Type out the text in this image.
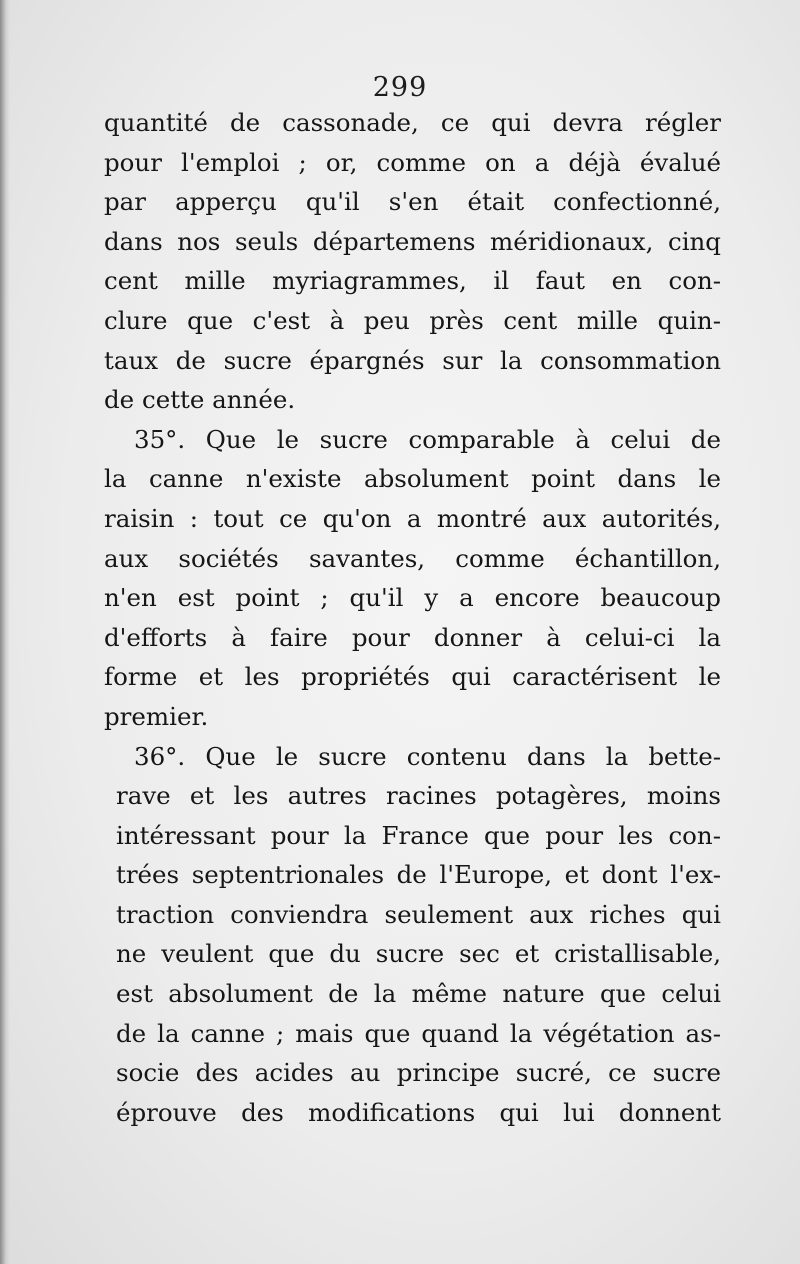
299
quantité de cassonade, ce qui devra régler
pour l'emploi ; or, comme on a déjà évalué
par apperçu qu'il s'en était confectionné,
dans nos seuls départemens méridionaux, cinq
cent mille myriagrammes, il faut en con-
clure que c'est à peu près cent mille quin-
taux de sucre épargnés sur la consommation
de cette année.
35°. Que le sucre comparable à celui de
la canne n'existe absolument point dans le
raisin : tout ce qu'on a montré aux autorités,
aux sociétés savantes, comme échantillon,
n'en est point ; qu'il y a encore beaucoup
d'efforts à faire pour donner à celui-ci la
forme et les propriétés qui caractérisent le
premier.
36°. Que le sucre contenu dans la bette-
rave et les autres racines potagères, moins
intéressant pour la France que pour les con-
trées septentrionales de l'Europe, et dont l'ex-
traction conviendra seulement aux riches qui
ne veulent que du sucre sec et cristallisable,
est absolument de la même nature que celui
de la canne ; mais que quand la végétation as-
socie des acides au principe sucré, ce sucre
éprouve des modifications qui lui donnent
